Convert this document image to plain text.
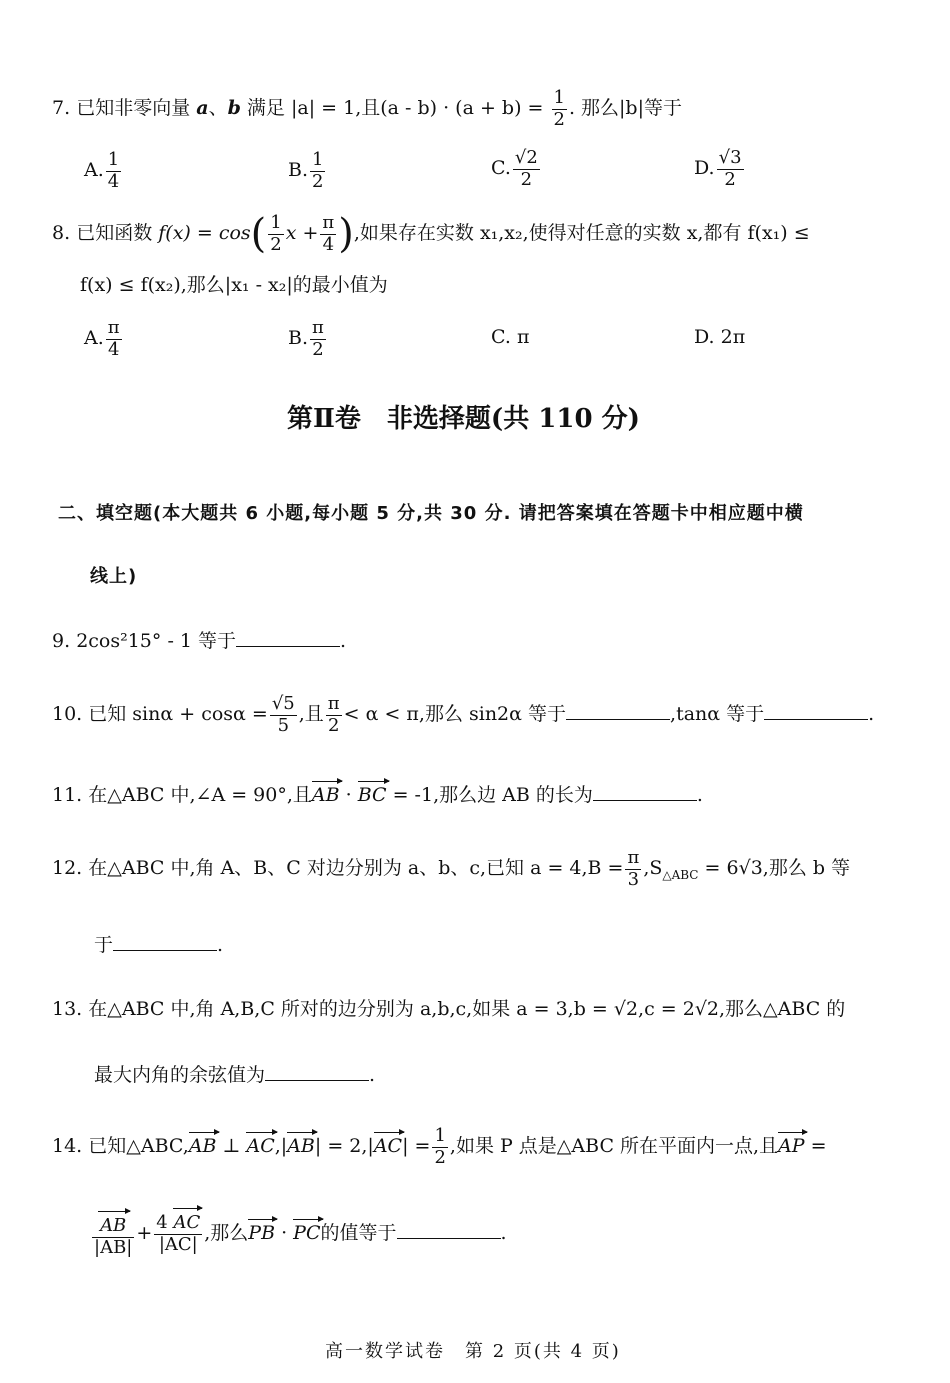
7. 已知非零向量 a、b 满足 |a| = 1,且$(a - b) \cdot (a + b) = \frac{1}{2}$ . 那么|b|等于
A. $\frac{1}{4}$	B. $\frac{1}{2}$	C. $\frac{√2}{2}$	D. $\frac{√3}{2}$
8. 已知函数 $f(x) = \cos( \frac{1}{2}$ $x + \frac{\pi}{4}$ ),如果存在实数 x₁,x₂,使得对任意的实数 x,都有 f(x₁) ≤
f(x) ≤ f(x₂),那么|x₁ - x₂|的最小值为
A. $\frac{\pi}{4}$	B. $\frac{\pi}{2}$	C. π	D. 2π
第Ⅱ卷　非选择题(共 110 分)
二、填空题(本大题共 6 小题,每小题 5 分,共 30 分. 请把答案填在答题卡中相应题中横
线上)
9. 2cos²15° - 1 等于	.
10. 已知 $\sin\alpha + \cos\alpha = \frac{√5}{5}$ ,且 $\frac{\pi}{2} < \alpha < \pi$,那么 sin2α 等于	,tanα 等于	.
11. 在△ABC 中,∠A = 90°,且AB · BC = -1,那么边 AB 的长为	.
12. 在△ABC 中,角 A、B、C 对边分别为 a、b、c,已知 $a = 4,B = \frac{\pi}{3} ,S_{\triangle ABC} = 6√3$,那么 b 等
于	.
13. 在△ABC 中,角 A,B,C 所对的边分别为 a,b,c,如果 a = 3,b = √2,c = 2√2,那么△ABC 的
最大内角的余弦值为	.
14. 已知△ABC,AB ⊥ $AC,|AB| = 2,|AC| = \frac{1}{2}$ ,如果 P 点是△ABC 所在平面内一点,且AP =
$\frac{AB}{|AB|} + \frac{4 AC}{|AC|}$ ,那么PB · PC的值等于	.
高一数学试卷　第 2 页(共 4 页)
